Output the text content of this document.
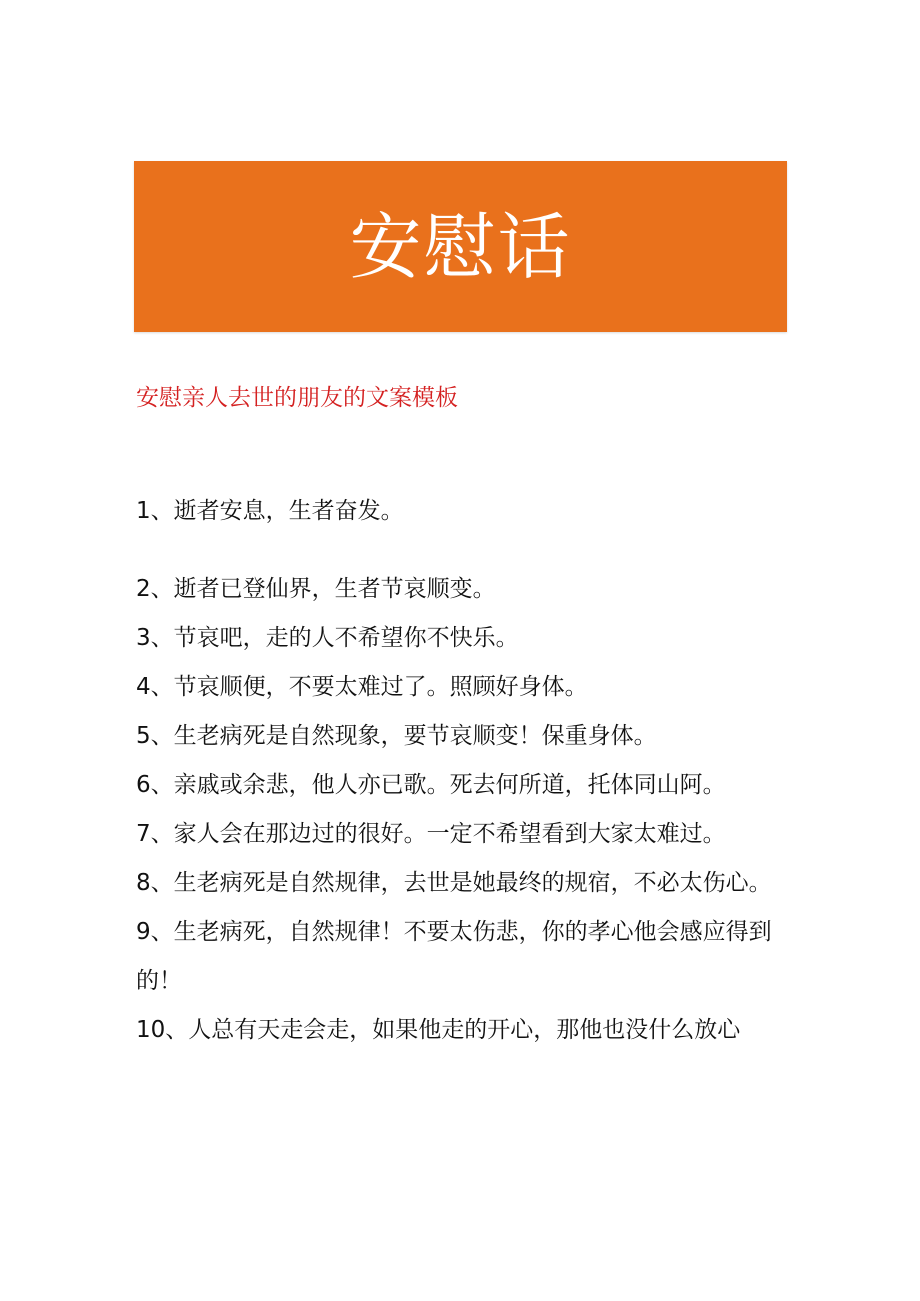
安慰话
安慰亲人去世的朋友的文案模板

1、逝者安息，生者奋发。

2、逝者已登仙界，生者节哀顺变。

3、节哀吧，走的人不希望你不快乐。

4、节哀顺便，不要太难过了。照顾好身体。

5、生老病死是自然现象，要节哀顺变！保重身体。

6、亲戚或余悲，他人亦已歌。死去何所道，托体同山阿。

7、家人会在那边过的很好。一定不希望看到大家太难过。

8、生老病死是自然规律，去世是她最终的规宿，不必太伤心。

9、生老病死，自然规律！不要太伤悲，你的孝心他会感应得到的！

10、人总有天走会走，如果他走的开心，那他也没什么放心
